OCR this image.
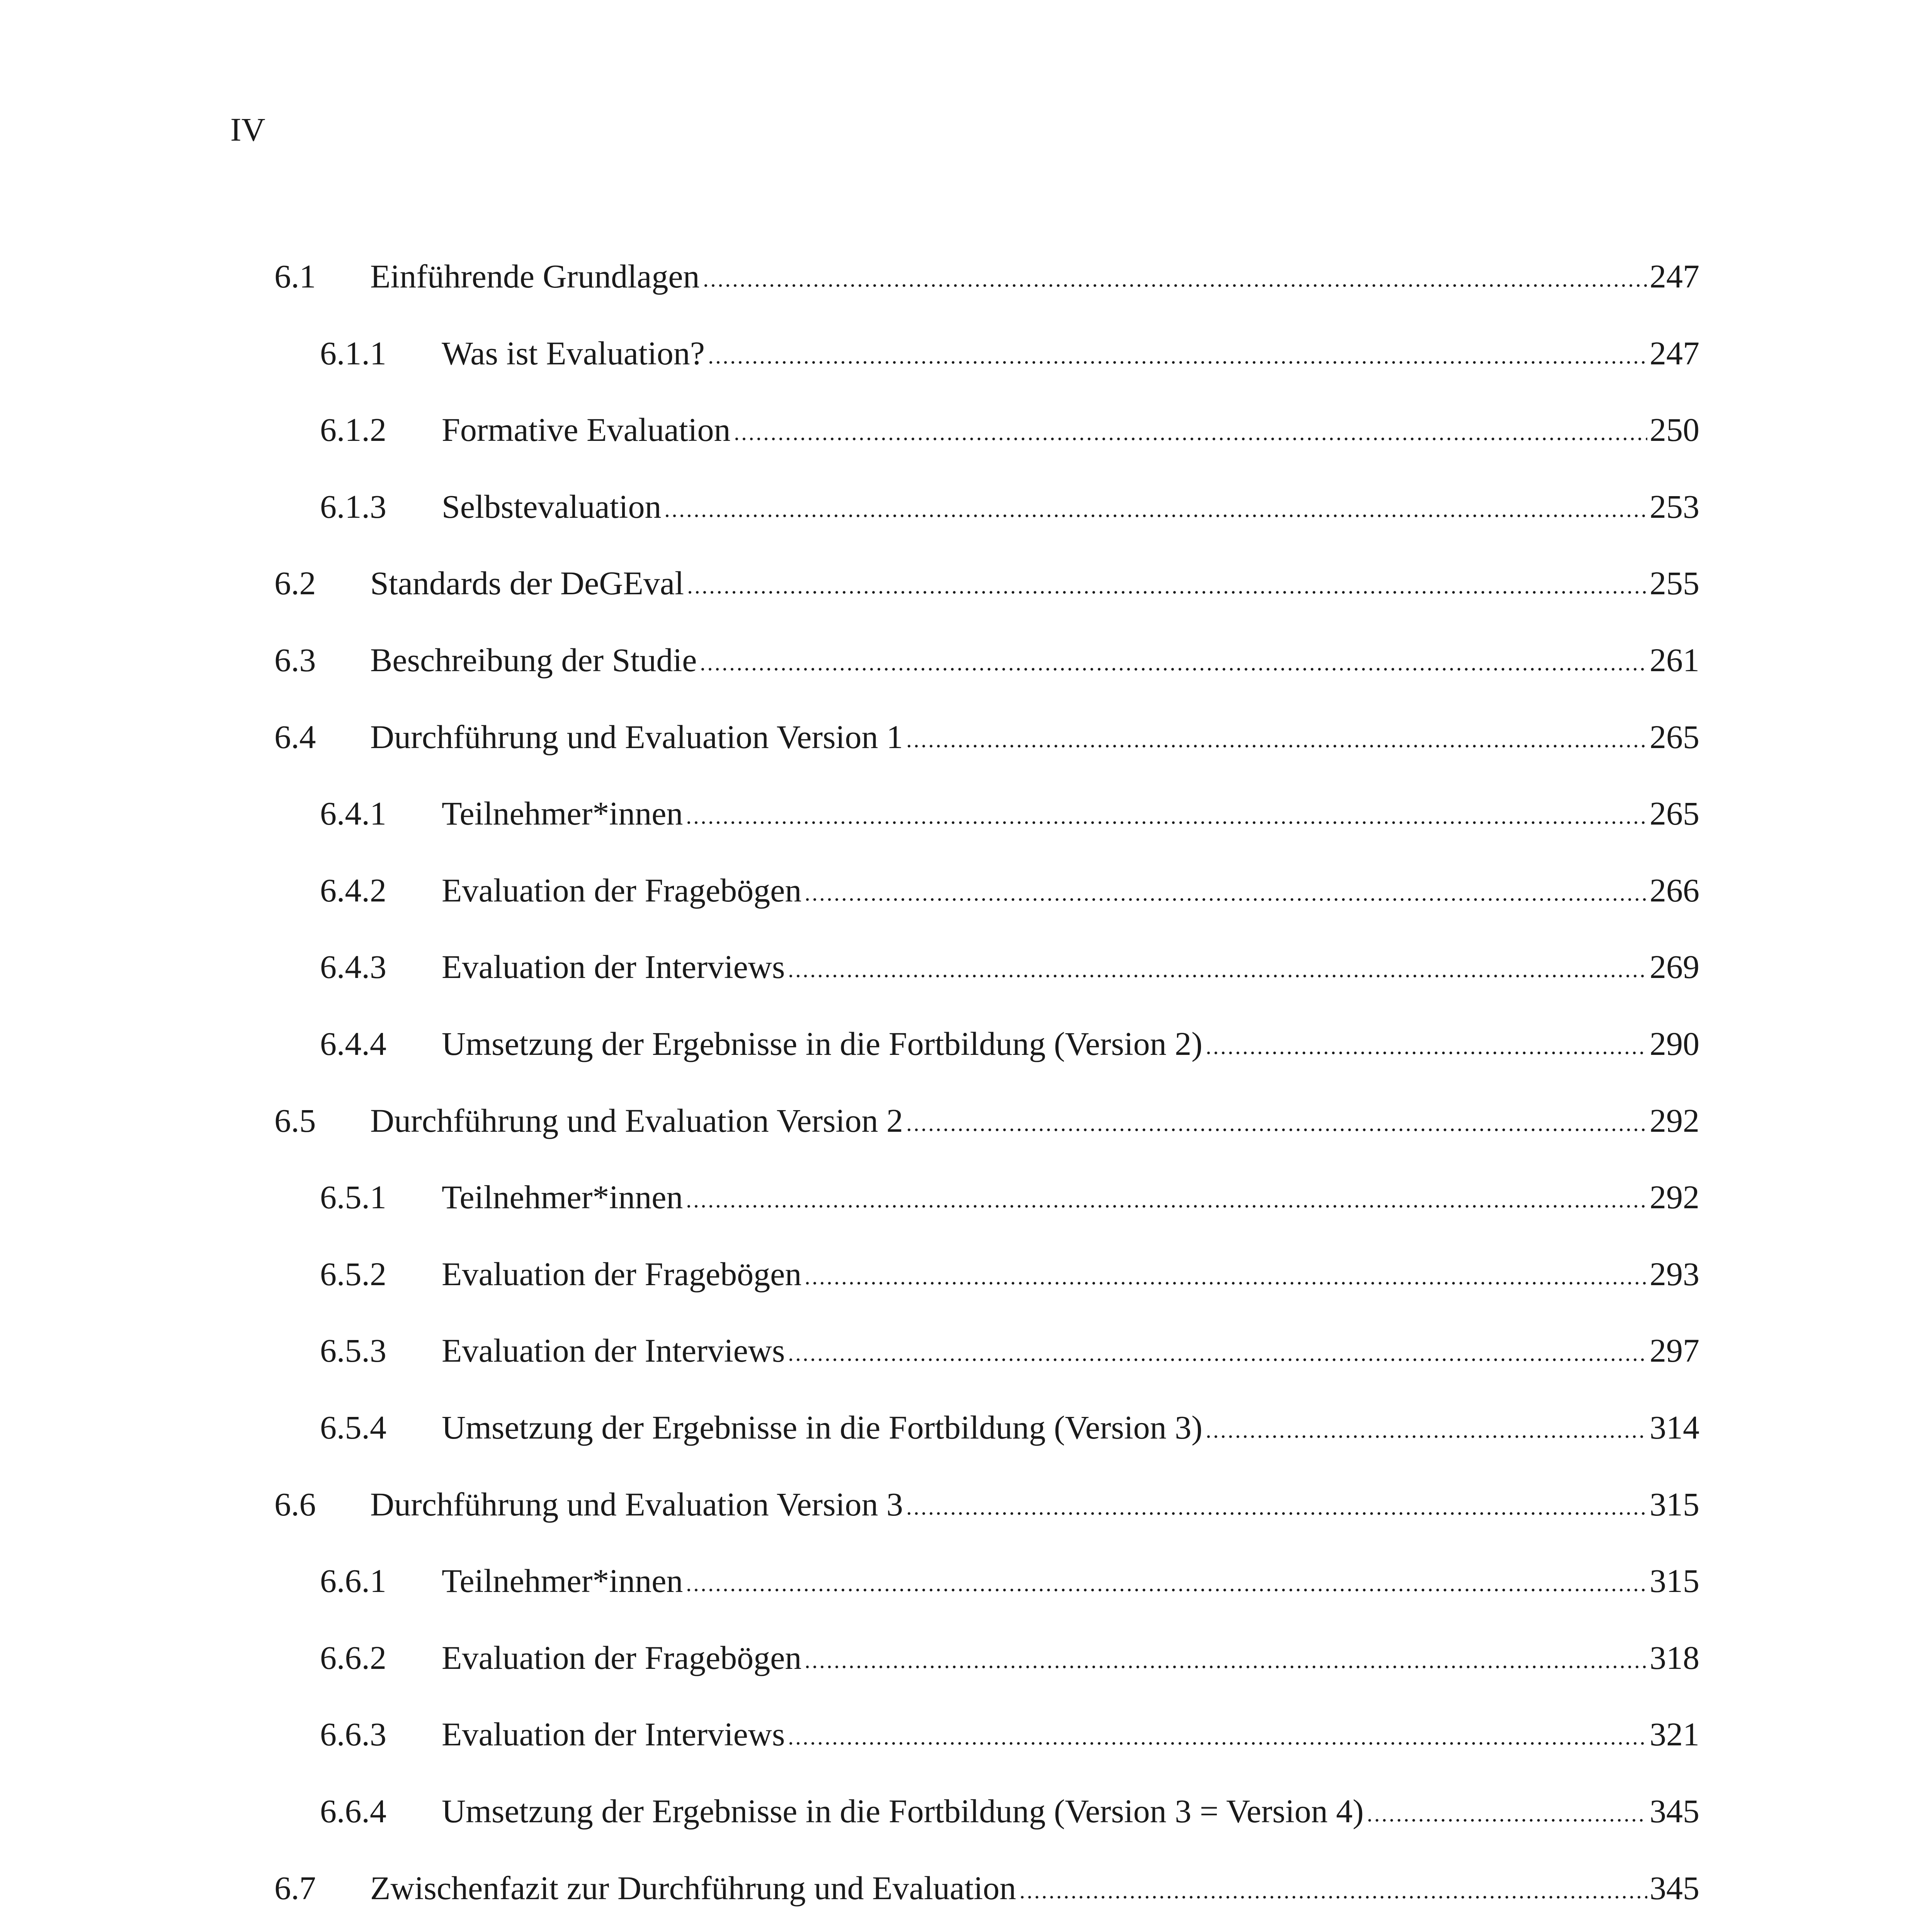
IV
6.1	Einführende Grundlagen	247
6.1.1	Was ist Evaluation?	247
6.1.2	Formative Evaluation	250
6.1.3	Selbstevaluation	253
6.2	Standards der DeGEval	255
6.3	Beschreibung der Studie	261
6.4	Durchführung und Evaluation Version 1	265
6.4.1	Teilnehmer*innen	265
6.4.2	Evaluation der Fragebögen	266
6.4.3	Evaluation der Interviews	269
6.4.4	Umsetzung der Ergebnisse in die Fortbildung (Version 2)	290
6.5	Durchführung und Evaluation Version 2	292
6.5.1	Teilnehmer*innen	292
6.5.2	Evaluation der Fragebögen	293
6.5.3	Evaluation der Interviews	297
6.5.4	Umsetzung der Ergebnisse in die Fortbildung (Version 3)	314
6.6	Durchführung und Evaluation Version 3	315
6.6.1	Teilnehmer*innen	315
6.6.2	Evaluation der Fragebögen	318
6.6.3	Evaluation der Interviews	321
6.6.4	Umsetzung der Ergebnisse in die Fortbildung (Version 3 = Version 4)	345
6.7	Zwischenfazit zur Durchführung und Evaluation	345
